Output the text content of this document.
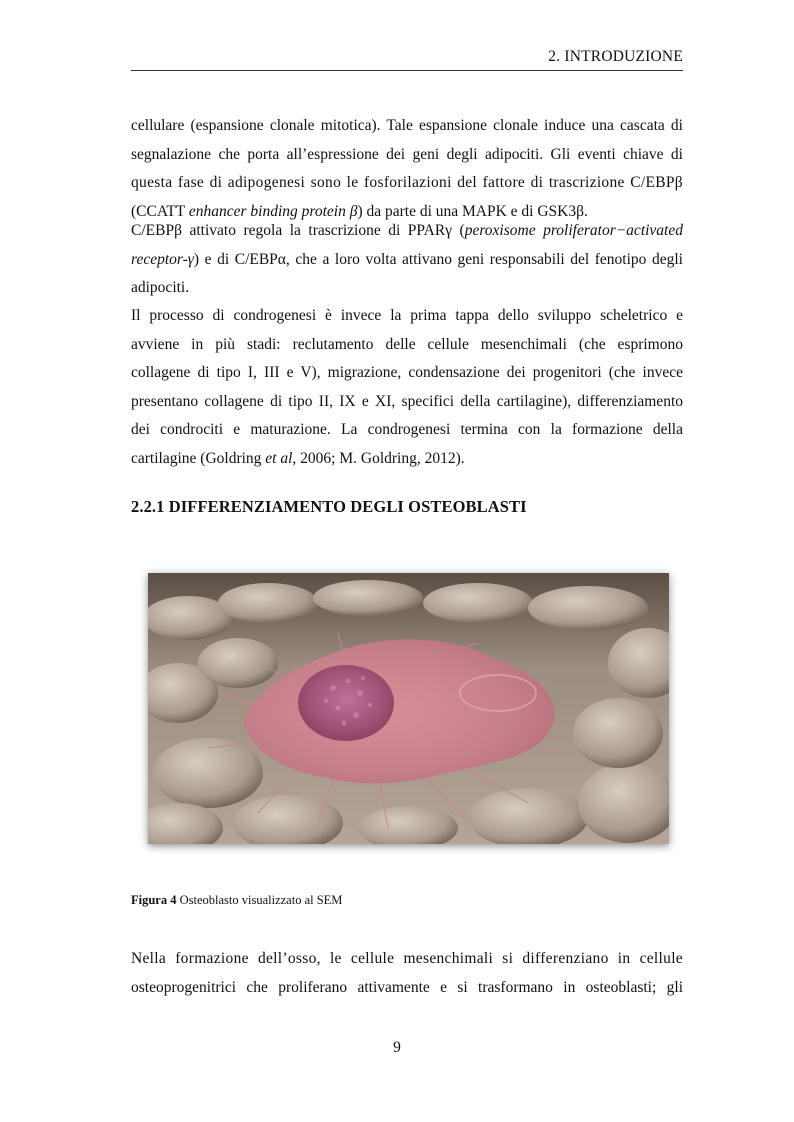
2. INTRODUZIONE

cellulare (espansione clonale mitotica). Tale espansione clonale induce una cascata di
segnalazione che porta all’espressione dei geni degli adipociti. Gli eventi chiave di
questa fase di adipogenesi sono le fosforilazioni del fattore di trascrizione C/EBPβ
(CCATT enhancer binding protein β) da parte di una MAPK e di GSK3β.

C/EBPβ attivato regola la trascrizione di PPARγ (peroxisome proliferator−activated
receptor-γ) e di C/EBPα, che a loro volta attivano geni responsabili del fenotipo degli
adipociti.

Il processo di condrogenesi è invece la prima tappa dello sviluppo scheletrico e
avviene in più stadi: reclutamento delle cellule mesenchimali (che esprimono
collagene di tipo I, III e V), migrazione, condensazione dei progenitori (che invece
presentano collagene di tipo II, IX e XI, specifici della cartilagine), differenziamento
dei condrociti e maturazione. La condrogenesi termina con la formazione della
cartilagine (Goldring et al, 2006; M. Goldring, 2012).

2.2.1 DIFFERENZIAMENTO DEGLI OSTEOBLASTI

Figura 4 Osteoblasto visualizzato al SEM

Nella formazione dell’osso, le cellule mesenchimali si differenziano in cellule
osteoprogenitrici che proliferano attivamente e si trasformano in osteoblasti; gli

9
